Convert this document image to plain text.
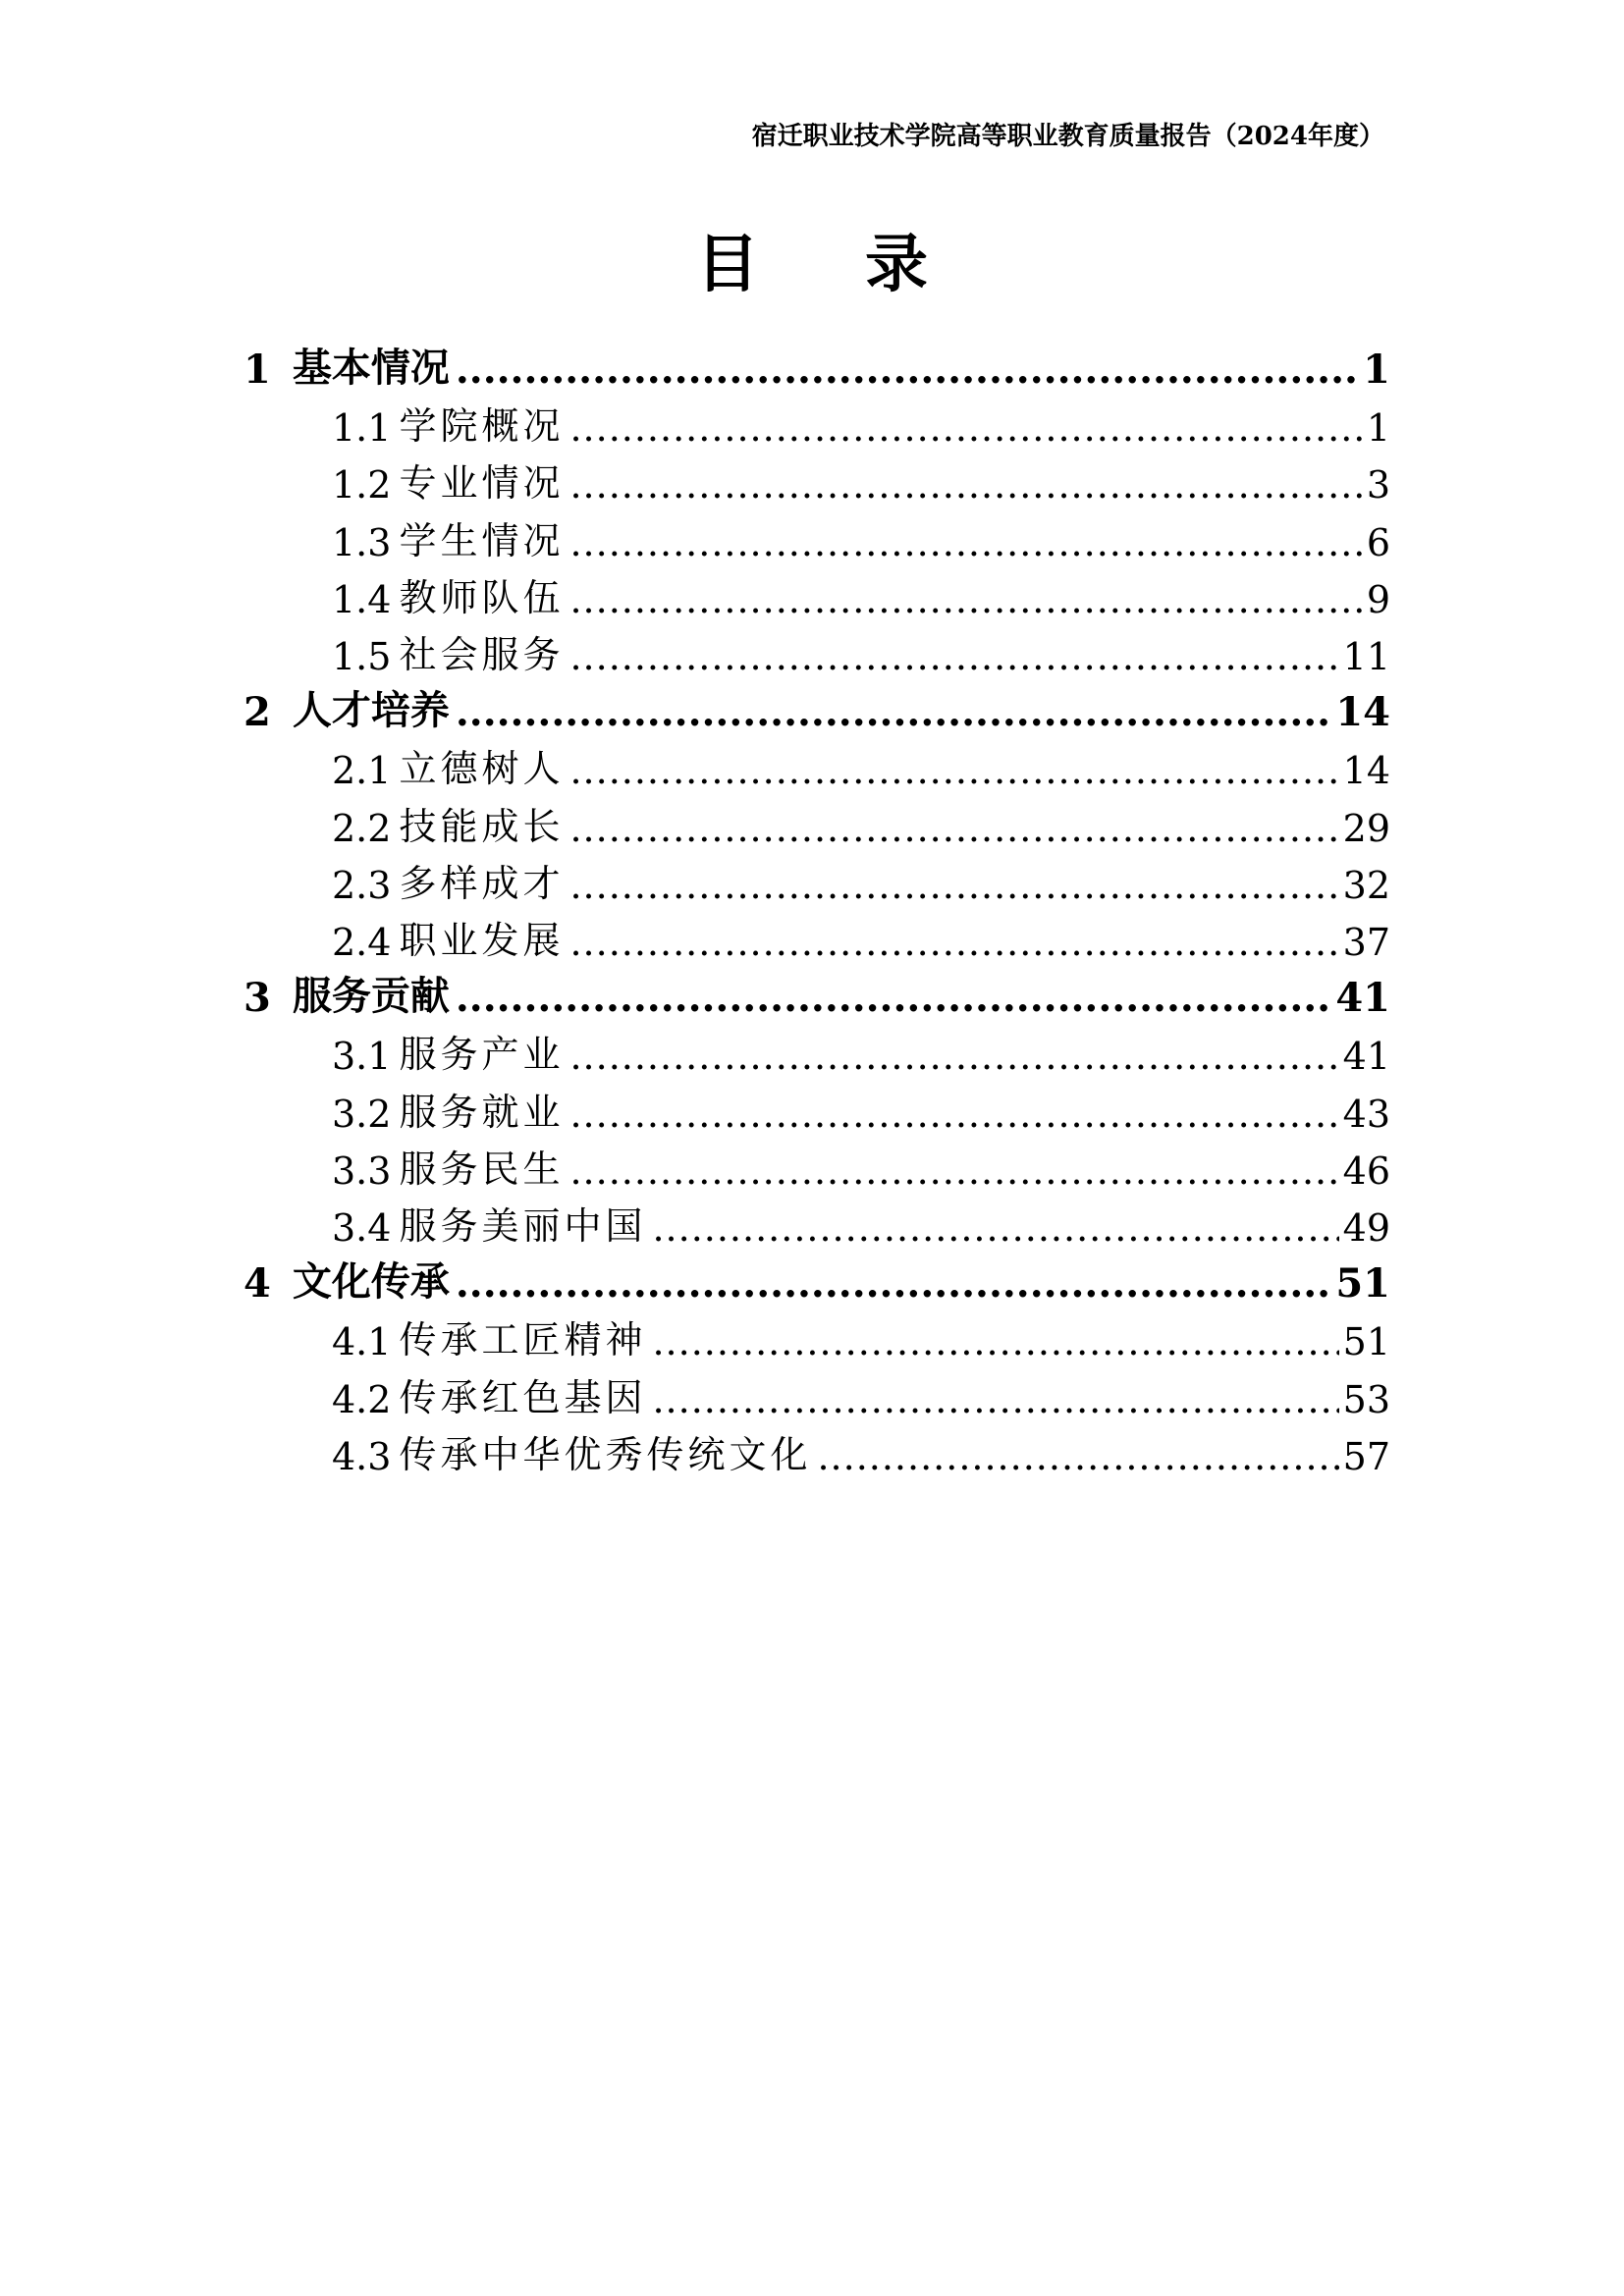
宿迁职业技术学院高等职业教育质量报告（2024年度）
目 录
1 基本情况 .....	1
1.1 学院概况 .....	1
1.2 专业情况 .....	3
1.3 学生情况 .....	6
1.4 教师队伍 .....	9
1.5 社会服务 .....	11
2 人才培养 .....	14
2.1 立德树人 .....	14
2.2 技能成长 .....	29
2.3 多样成才 .....	32
2.4 职业发展 .....	37
3 服务贡献 .....	41
3.1 服务产业 .....	41
3.2 服务就业 .....	43
3.3 服务民生 .....	46
3.4 服务美丽中国 .....	49
4 文化传承 .....	51
4.1 传承工匠精神 .....	51
4.2 传承红色基因 .....	53
4.3 传承中华优秀传统文化 .....	57
